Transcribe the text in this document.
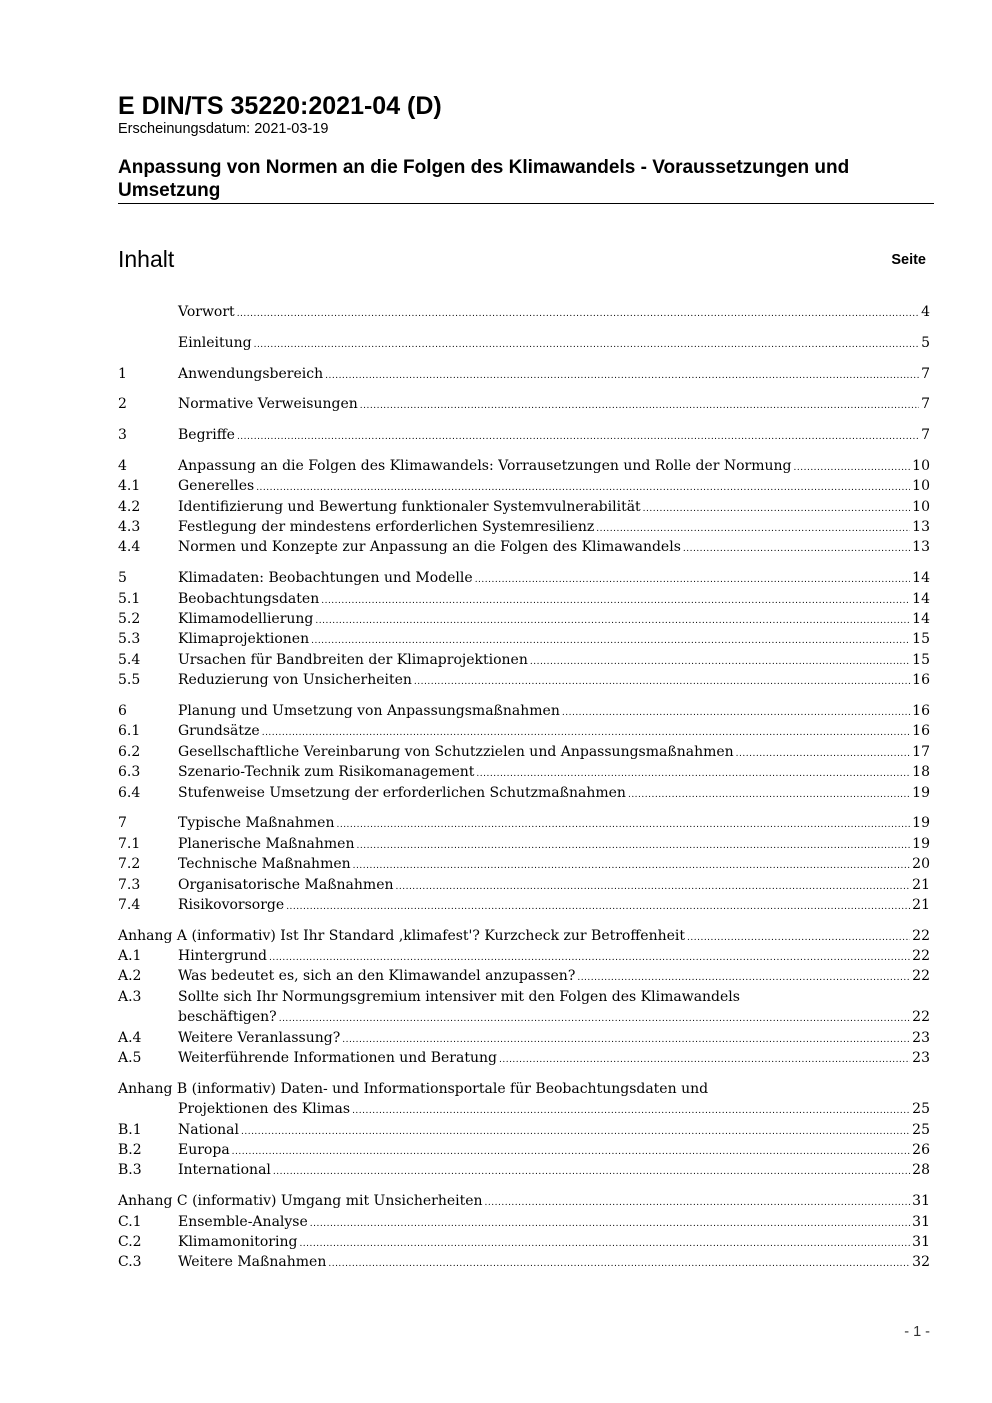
E DIN/TS 35220:2021-04 (D)

Erscheinungsdatum: 2021-03-19

Anpassung von Normen an die Folgen des Klimawandels - Voraussetzungen und
Umsetzung

Inhalt	Seite
Vorwort .....	4
Einleitung .....	5
1	Anwendungsbereich .....	7
2	Normative Verweisungen .....	7
3	Begriffe .....	7
4	Anpassung an die Folgen des Klimawandels: Vorrausetzungen und Rolle der Normung .....	10
4.1	Generelles .....	10
4.2	Identifizierung und Bewertung funktionaler Systemvulnerabilität .....	10
4.3	Festlegung der mindestens erforderlichen Systemresilienz .....	13
4.4	Normen und Konzepte zur Anpassung an die Folgen des Klimawandels .....	13
5	Klimadaten: Beobachtungen und Modelle .....	14
5.1	Beobachtungsdaten .....	14
5.2	Klimamodellierung .....	14
5.3	Klimaprojektionen .....	15
5.4	Ursachen für Bandbreiten der Klimaprojektionen .....	15
5.5	Reduzierung von Unsicherheiten .....	16
6	Planung und Umsetzung von Anpassungsmaßnahmen .....	16
6.1	Grundsätze .....	16
6.2	Gesellschaftliche Vereinbarung von Schutzzielen und Anpassungsmaßnahmen .....	17
6.3	Szenario-Technik zum Risikomanagement .....	18
6.4	Stufenweise Umsetzung der erforderlichen Schutzmaßnahmen .....	19
7	Typische Maßnahmen .....	19
7.1	Planerische Maßnahmen .....	19
7.2	Technische Maßnahmen .....	20
7.3	Organisatorische Maßnahmen .....	21
7.4	Risikovorsorge .....	21
Anhang A (informativ) Ist Ihr Standard ‚klimafest'? Kurzcheck zur Betroffenheit .....	22
A.1	Hintergrund .....	22
A.2	Was bedeutet es, sich an den Klimawandel anzupassen? .....	22
A.3	Sollte sich Ihr Normungsgremium intensiver mit den Folgen des Klimawandels
beschäftigen? .....	22
A.4	Weitere Veranlassung? .....	23
A.5	Weiterführende Informationen und Beratung .....	23
Anhang B (informativ) Daten- und Informationsportale für Beobachtungsdaten und
Projektionen des Klimas .....	25
B.1	National .....	25
B.2	Europa .....	26
B.3	International .....	28
Anhang C (informativ) Umgang mit Unsicherheiten .....	31
C.1	Ensemble-Analyse .....	31
C.2	Klimamonitoring .....	31
C.3	Weitere Maßnahmen .....	32
- 1 -
